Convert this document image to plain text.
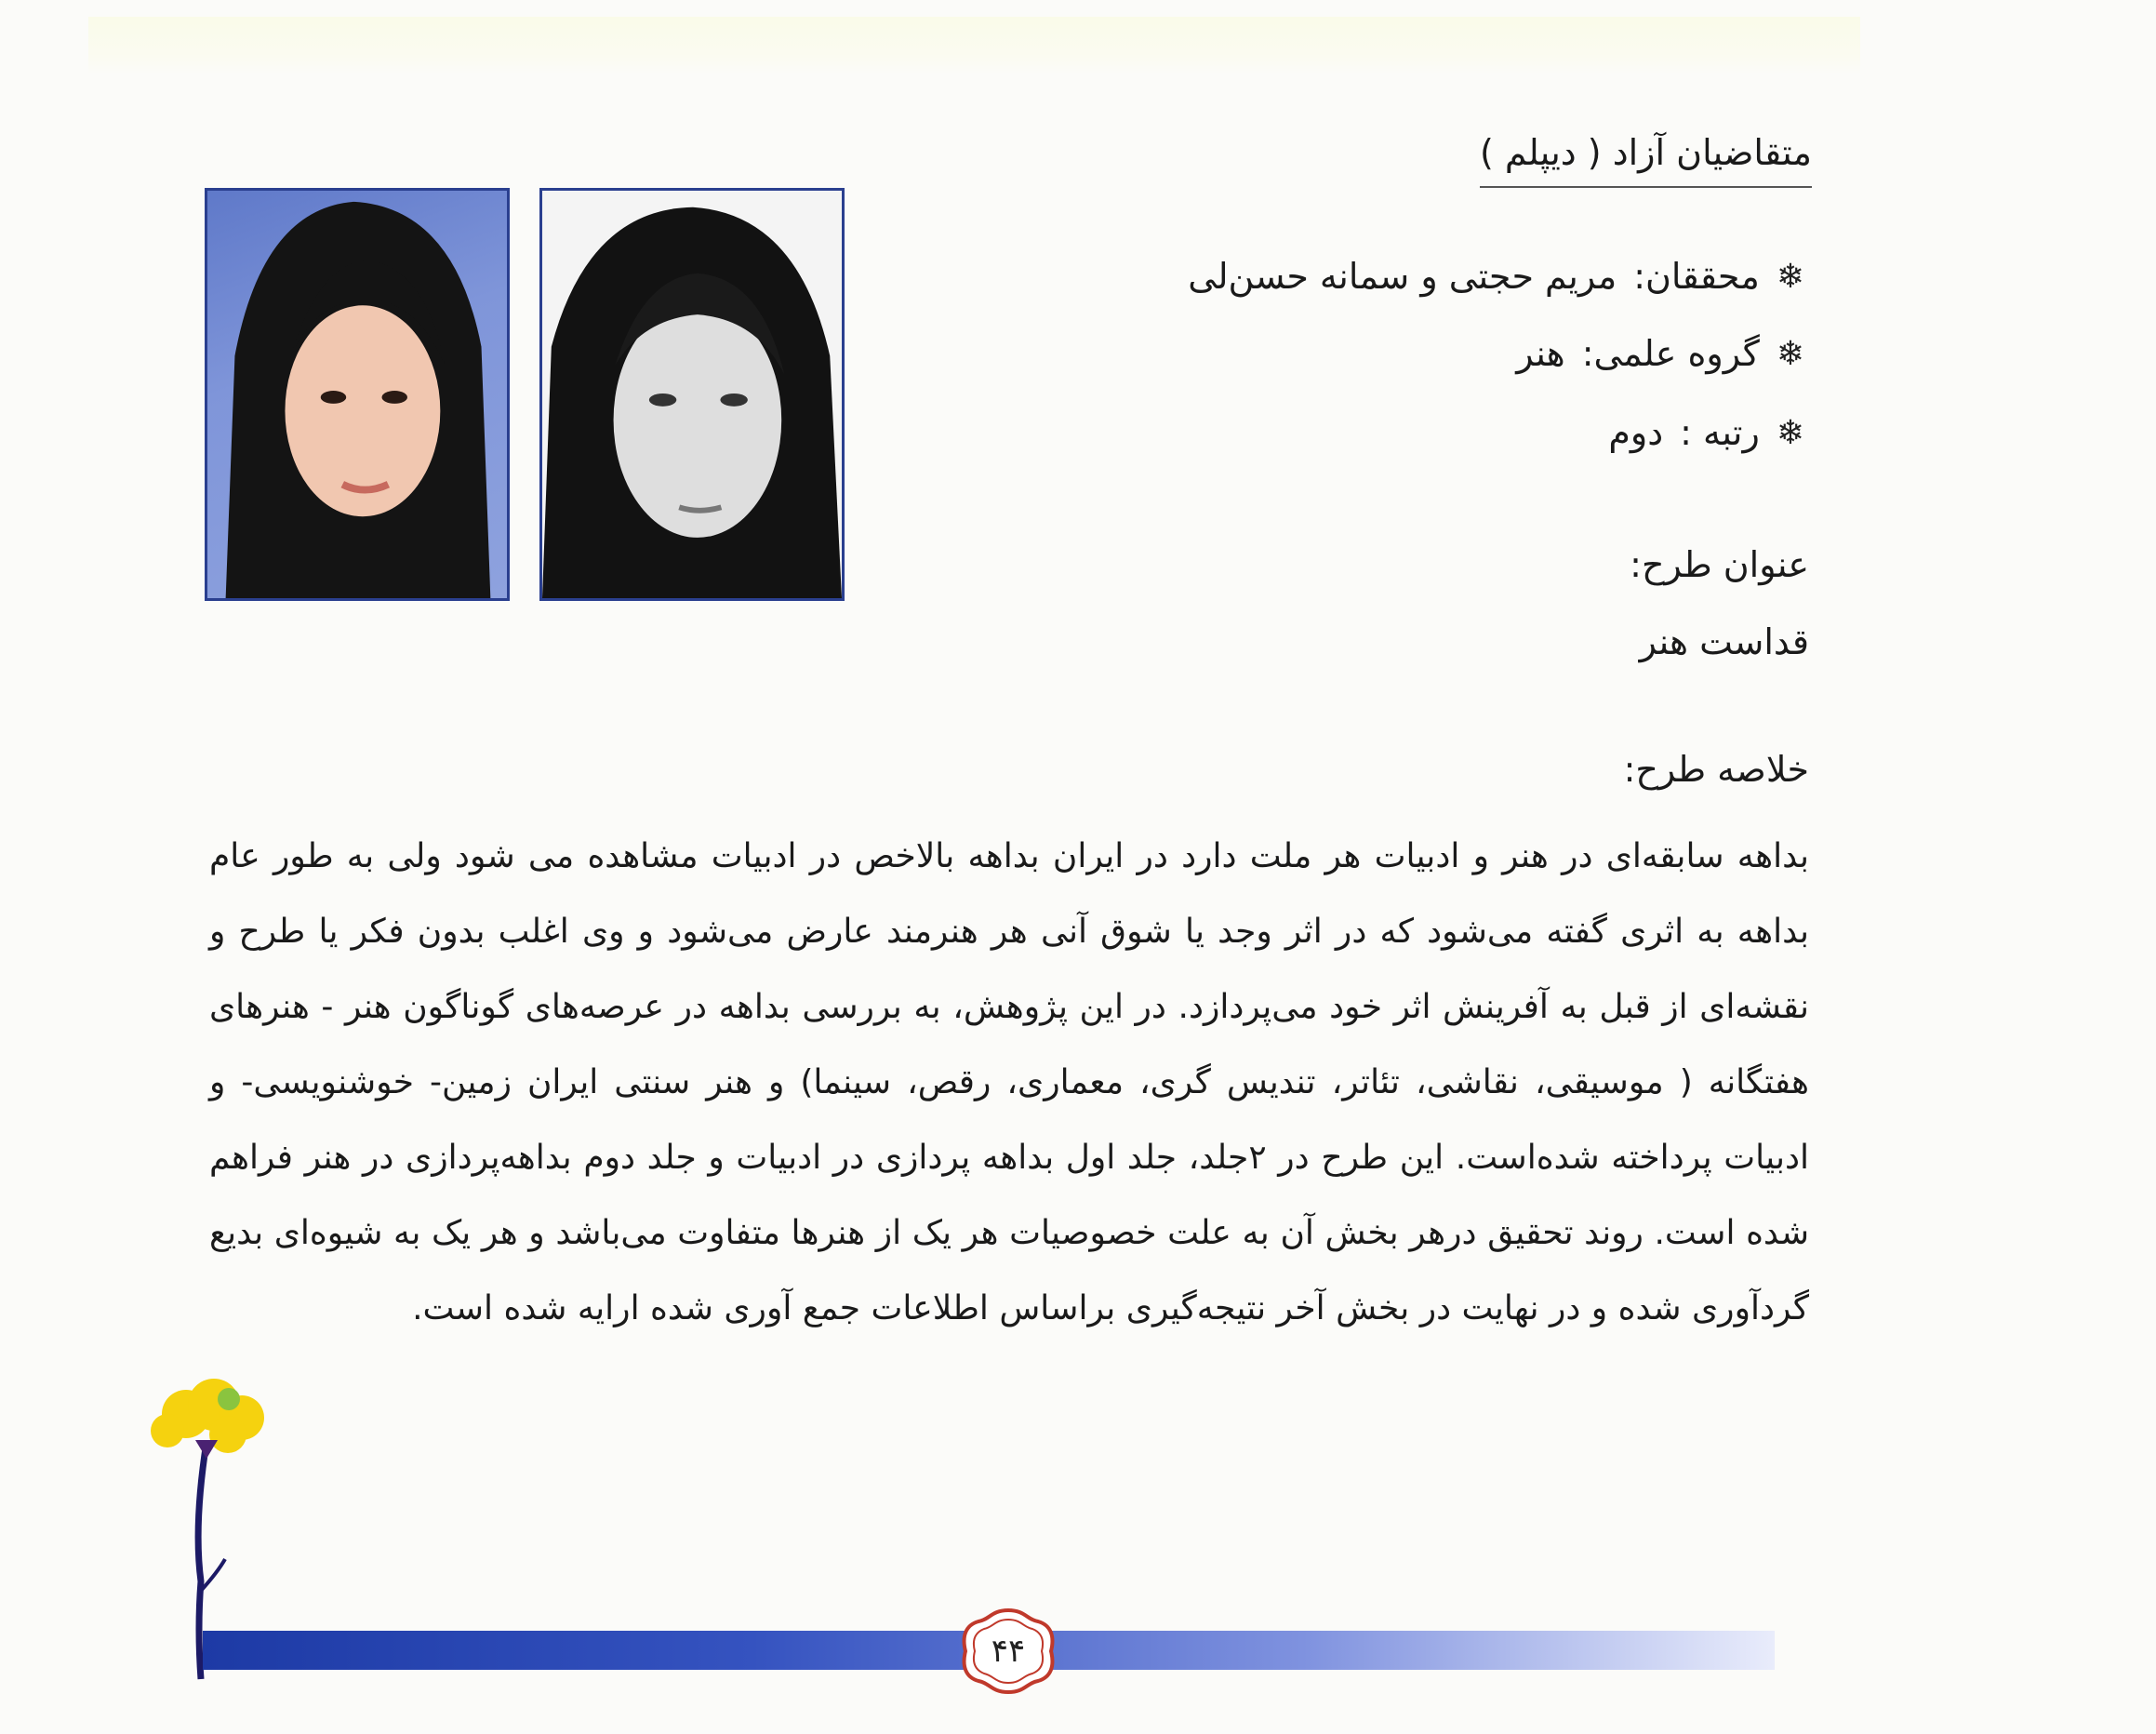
متقاضیان آزاد ( دیپلم )
❄
محققان:
مریم حجتی و سمانه حسن‌لی
❄
گروه علمی:
هنر
❄
رتبه :
دوم
عنوان طرح:
قداست هنر
خلاصه طرح:
بداهه سابقه‌ای در هنر و ادبیات هر ملت دارد در ایران بداهه بالاخص در ادبیات مشاهده می شود ولی به طور عام بداهه به اثری گفته می‌شود که در اثر وجد یا شوق آنی هر هنرمند عارض می‌شود و وی اغلب بدون فکر یا طرح و نقشه‌ای از قبل به آفرینش اثر خود می‌پردازد. در این پژوهش، به بررسی بداهه در عرصه‌های گوناگون هنر - هنرهای هفتگانه ( موسیقی، نقاشی، تئاتر، تندیس گری، معماری، رقص، سینما) و هنر سنتی ایران زمین- خوشنویسی- و ادبیات پرداخته شده‌است. این طرح در ۲جلد، جلد اول بداهه پردازی در ادبیات و جلد دوم بداهه‌پردازی در هنر فراهم شده است. روند تحقیق درهر بخش آن به علت خصوصیات هر یک از هنرها متفاوت می‌باشد و هر یک به شیوه‌ای بدیع گردآوری شده و در نهایت در بخش آخر نتیجه‌گیری براساس اطلاعات جمع آوری شده ارایه شده است.
۴۴
